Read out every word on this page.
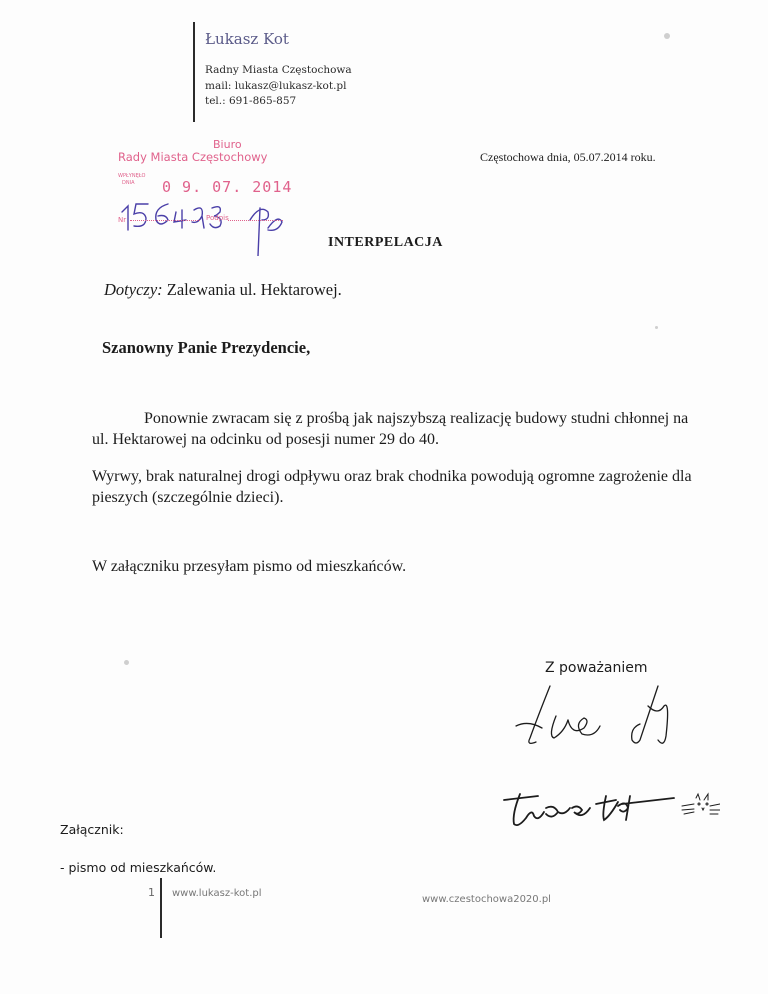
Łukasz Kot
Radny Miasta Częstochowa
mail: lukasz@lukasz-kot.pl
tel.: 691-865-857
Biuro
Rady Miasta Częstochowy
WPŁYNĘŁO
DNIA 0 9. 07. 2014
Nr	Podpis
Częstochowa dnia, 05.07.2014 roku.
INTERPELACJA
Dotyczy: Zalewania ul. Hektarowej.
Szanowny Panie Prezydencie,
Ponownie zwracam się z prośbą jak najszybszą realizację budowy studni chłonnej na ul. Hektarowej na odcinku od posesji numer 29 do 40.
Wyrwy, brak naturalnej drogi odpływu oraz brak chodnika powodują ogromne zagrożenie dla pieszych (szczególnie dzieci).
W załączniku przesyłam pismo od mieszkańców.
Z poważaniem
Załącznik:
- pismo od mieszkańców.
1 www.lukasz-kot.pl
www.czestochowa2020.pl
